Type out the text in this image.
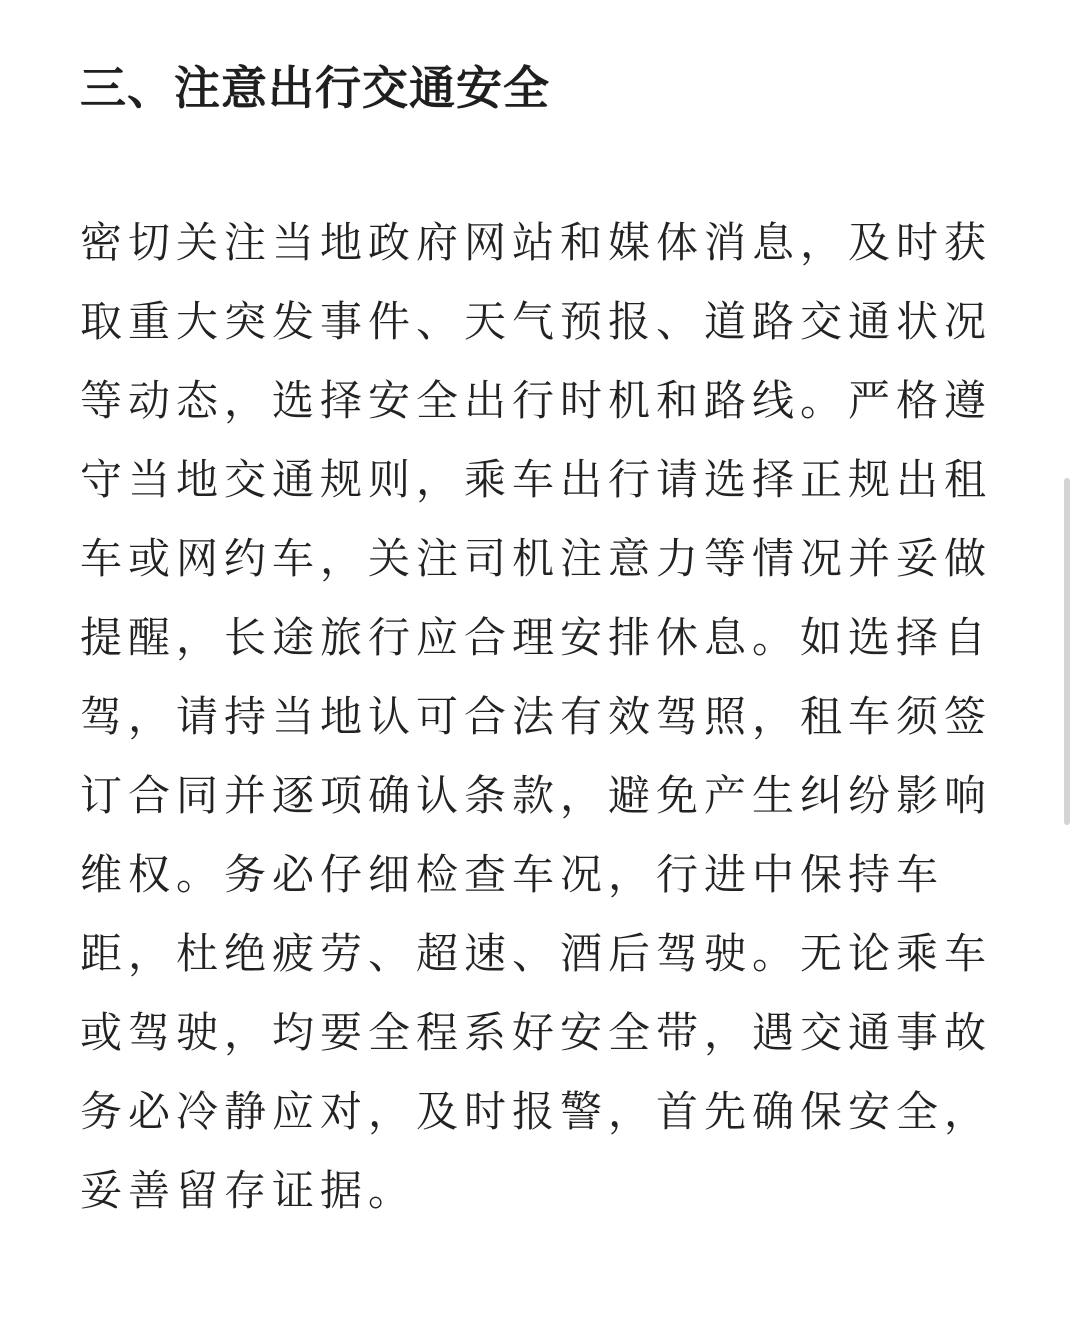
三、注意出行交通安全
密切关注当地政府网站和媒体消息，及时获
取重大突发事件、天气预报、道路交通状况
等动态，选择安全出行时机和路线。严格遵
守当地交通规则，乘车出行请选择正规出租
车或网约车，关注司机注意力等情况并妥做
提醒，长途旅行应合理安排休息。如选择自
驾，请持当地认可合法有效驾照，租车须签
订合同并逐项确认条款，避免产生纠纷影响
维权。务必仔细检查车况，行进中保持车
距，杜绝疲劳、超速、酒后驾驶。无论乘车
或驾驶，均要全程系好安全带，遇交通事故
务必冷静应对，及时报警，首先确保安全，
妥善留存证据。
